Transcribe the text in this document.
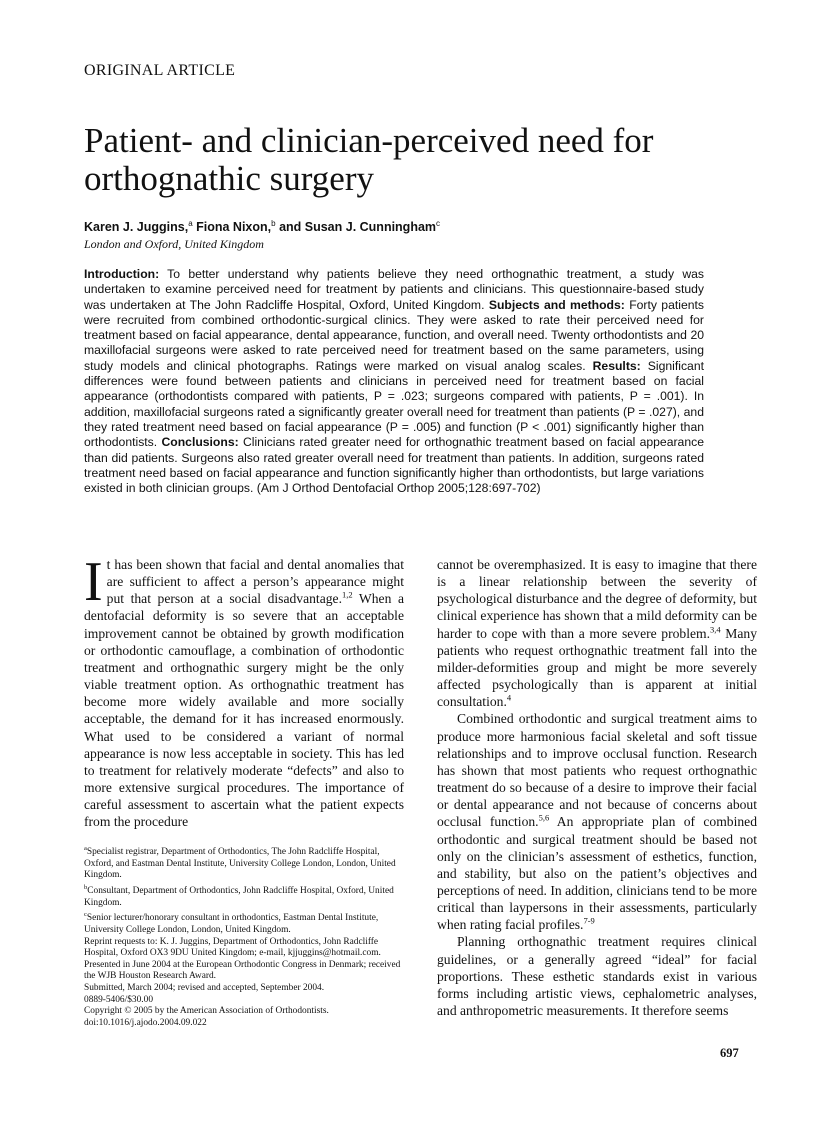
ORIGINAL ARTICLE
Patient- and clinician-perceived need for orthognathic surgery
Karen J. Juggins,$^a$ Fiona Nixon,$^b$ and Susan J. Cunningham$^c$
London and Oxford, United Kingdom
Introduction: To better understand why patients believe they need orthognathic treatment, a study was undertaken to examine perceived need for treatment by patients and clinicians. This questionnaire-based study was undertaken at The John Radcliffe Hospital, Oxford, United Kingdom. Subjects and methods: Forty patients were recruited from combined orthodontic-surgical clinics. They were asked to rate their perceived need for treatment based on facial appearance, dental appearance, function, and overall need. Twenty orthodontists and 20 maxillofacial surgeons were asked to rate perceived need for treatment based on the same parameters, using study models and clinical photographs. Ratings were marked on visual analog scales. Results: Significant differences were found between patients and clinicians in perceived need for treatment based on facial appearance (orthodontists compared with patients, P = .023; surgeons compared with patients, P = .001). In addition, maxillofacial surgeons rated a significantly greater overall need for treatment than patients (P = .027), and they rated treatment need based on facial appearance (P = .005) and function (P < .001) significantly higher than orthodontists. Conclusions: Clinicians rated greater need for orthognathic treatment based on facial appearance than did patients. Surgeons also rated greater overall need for treatment than patients. In addition, surgeons rated treatment need based on facial appearance and function significantly higher than orthodontists, but large variations existed in both clinician groups. (Am J Orthod Dentofacial Orthop 2005;128:697-702)

It has been shown that facial and dental anomalies that are sufficient to affect a person’s appearance might put that person at a social disadvantage.$^{1,2}$ When a dentofacial deformity is so severe that an acceptable improvement cannot be obtained by growth modification or orthodontic camouflage, a combination of orthodontic treatment and orthognathic surgery might be the only viable treatment option. As orthognathic treatment has become more widely available and more socially acceptable, the demand for it has increased enormously. What used to be considered a variant of normal appearance is now less acceptable in society. This has led to treatment for relatively moderate “defects” and also to more extensive surgical procedures. The importance of careful assessment to ascertain what the patient expects from the procedure

$^a$Specialist registrar, Department of Orthodontics, The John Radcliffe Hospital, Oxford, and Eastman Dental Institute, University College London, London, United Kingdom.
$^b$Consultant, Department of Orthodontics, John Radcliffe Hospital, Oxford, United Kingdom.
$^c$Senior lecturer/honorary consultant in orthodontics, Eastman Dental Institute, University College London, London, United Kingdom.
Reprint requests to: K. J. Juggins, Department of Orthodontics, John Radcliffe Hospital, Oxford OX3 9DU United Kingdom; e-mail, kjjuggins@hotmail.com.
Presented in June 2004 at the European Orthodontic Congress in Denmark; received the WJB Houston Research Award.
Submitted, March 2004; revised and accepted, September 2004.
0889-5406/$30.00
Copyright © 2005 by the American Association of Orthodontists.
doi:10.1016/j.ajodo.2004.09.022

cannot be overemphasized. It is easy to imagine that there is a linear relationship between the severity of psychological disturbance and the degree of deformity, but clinical experience has shown that a mild deformity can be harder to cope with than a more severe problem.$^{3,4}$ Many patients who request orthognathic treatment fall into the milder-deformities group and might be more severely affected psychologically than is apparent at initial consultation.$^4$

Combined orthodontic and surgical treatment aims to produce more harmonious facial skeletal and soft tissue relationships and to improve occlusal function. Research has shown that most patients who request orthognathic treatment do so because of a desire to improve their facial or dental appearance and not because of concerns about occlusal function.$^{5,6}$ An appropriate plan of combined orthodontic and surgical treatment should be based not only on the clinician’s assessment of esthetics, function, and stability, but also on the patient’s objectives and perceptions of need. In addition, clinicians tend to be more critical than laypersons in their assessments, particularly when rating facial profiles.$^{7-9}$

Planning orthognathic treatment requires clinical guidelines, or a generally agreed “ideal” for facial proportions. These esthetic standards exist in various forms including artistic views, cephalometric analyses, and anthropometric measurements. It therefore seems

697
